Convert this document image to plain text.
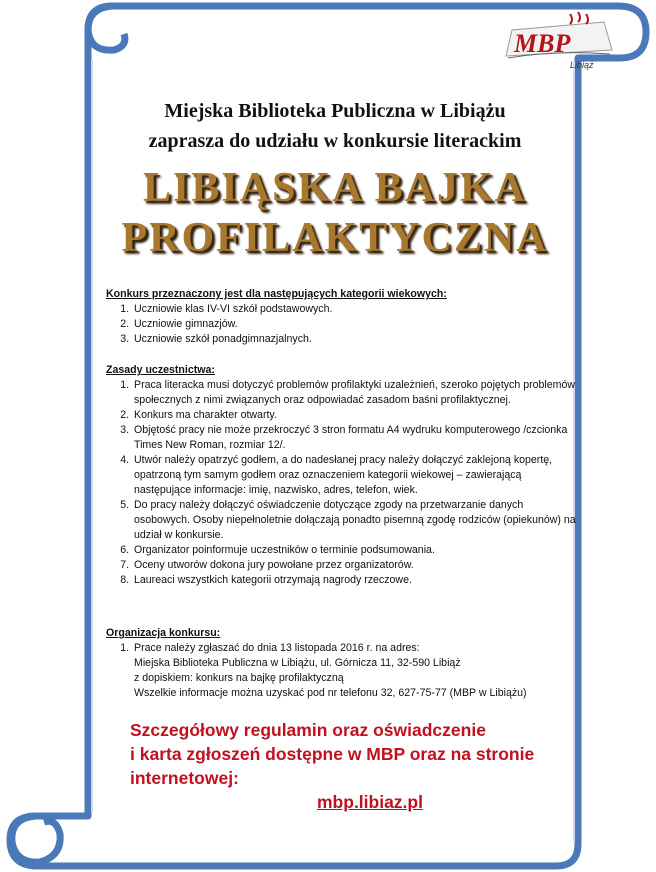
MBP
Libiąż
Miejska Biblioteka Publiczna w Libiążu
zaprasza do udziału w konkursie literackim
LIBIĄSKA BAJKA
PROFILAKTYCZNA
Konkurs przeznaczony jest dla następujących kategorii wiekowych:
1. Uczniowie klas IV-VI szkół podstawowych.
2. Uczniowie gimnazjów.
3. Uczniowie szkół ponadgimnazjalnych.
Zasady uczestnictwa:
1. Praca literacka musi dotyczyć problemów profilaktyki uzależnień, szeroko pojętych problemów społecznych z nimi związanych oraz odpowiadać zasadom baśni profilaktycznej.
2. Konkurs ma charakter otwarty.
3. Objętość pracy nie może przekroczyć 3 stron formatu A4 wydruku komputerowego /czcionka Times New Roman, rozmiar 12/.
4. Utwór należy opatrzyć godłem, a do nadesłanej pracy należy dołączyć zaklejoną kopertę, opatrzoną tym samym godłem oraz oznaczeniem kategorii wiekowej – zawierającą następujące informacje: imię, nazwisko, adres, telefon, wiek.
5. Do pracy należy dołączyć oświadczenie dotyczące zgody na przetwarzanie danych osobowych. Osoby niepełnoletnie dołączają ponadto pisemną zgodę rodziców (opiekunów) na udział w konkursie.
6. Organizator poinformuje uczestników o terminie podsumowania.
7. Oceny utworów dokona jury powołane przez organizatorów.
8. Laureaci wszystkich kategorii otrzymają nagrody rzeczowe.
Organizacja konkursu:
1. Prace należy zgłaszać do dnia 13 listopada 2016 r. na adres:
Miejska Biblioteka Publiczna w Libiążu, ul. Górnicza 11, 32-590 Libiąż
z dopiskiem: konkurs na bajkę profilaktyczną
Wszelkie informacje można uzyskać pod nr telefonu 32, 627-75-77 (MBP w Libiążu)
Szczegółowy regulamin oraz oświadczenie
i karta zgłoszeń dostępne w MBP oraz na stronie
internetowej:
mbp.libiaz.pl
